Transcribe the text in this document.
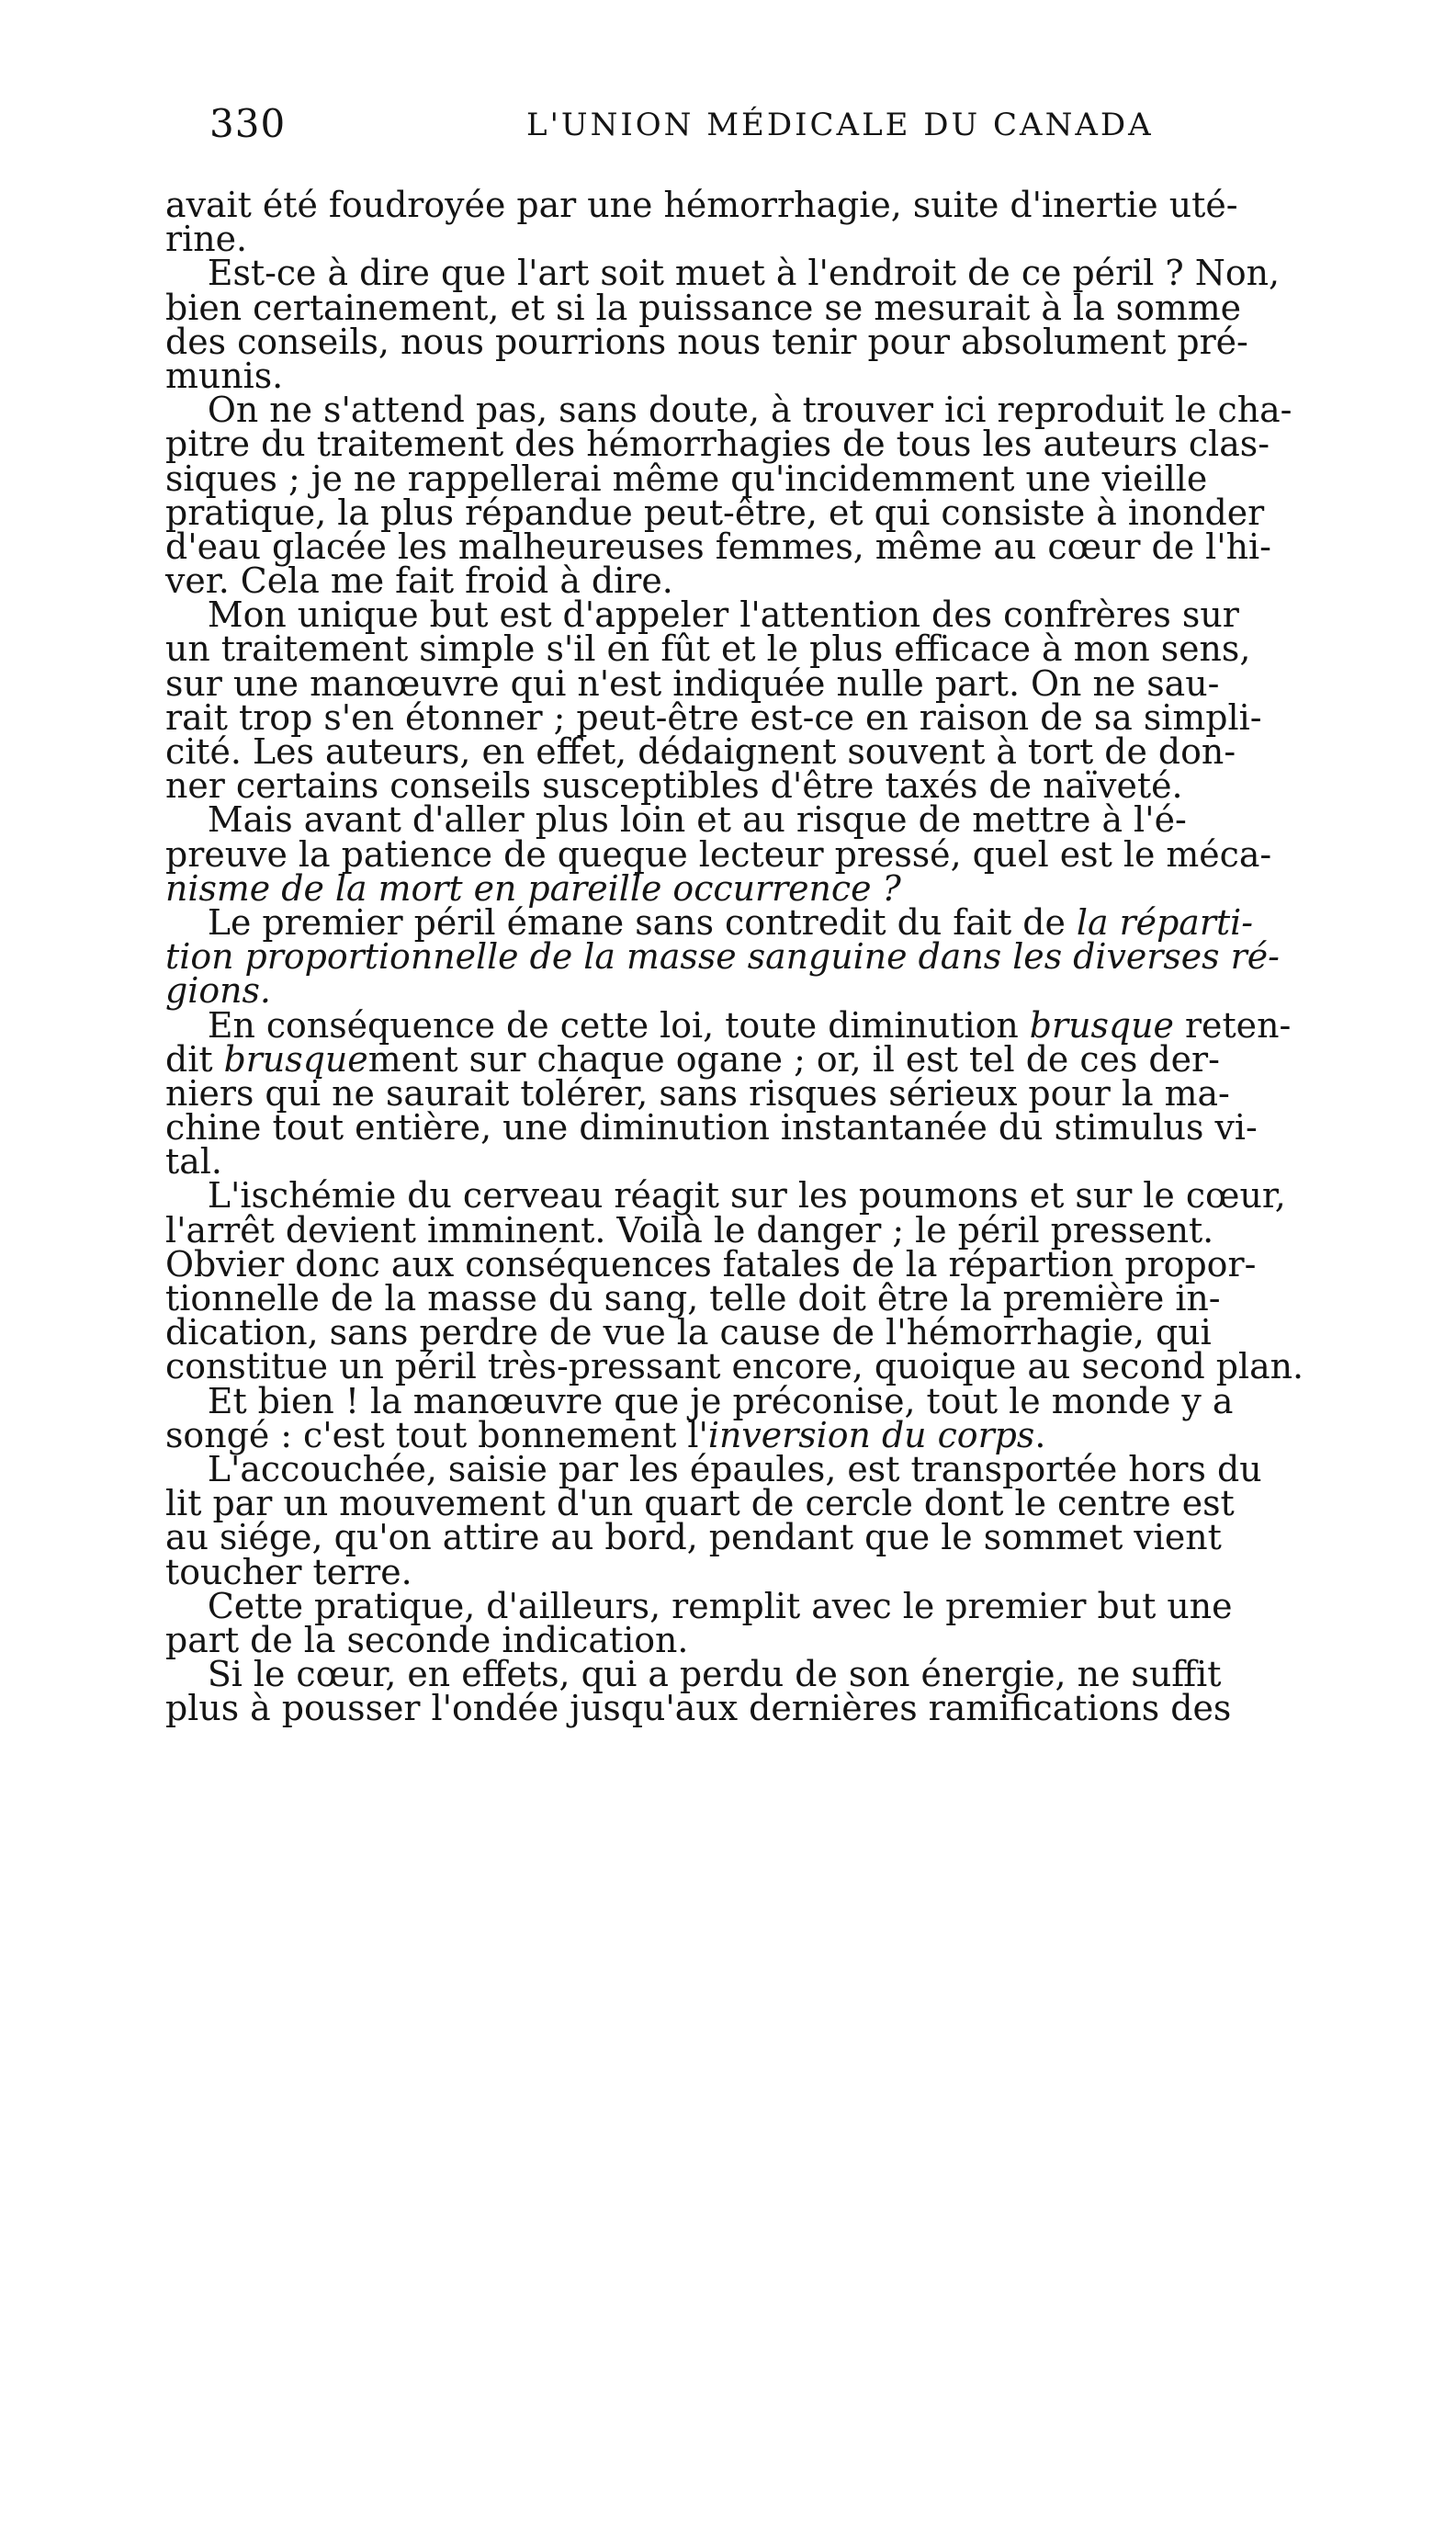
330	L'UNION MÉDICALE DU CANADA
avait été foudroyée par une hémorrhagie, suite d'inertie uté-
rine.
Est-ce à dire que l'art soit muet à l'endroit de ce péril ? Non,
bien certainement, et si la puissance se mesurait à la somme
des conseils, nous pourrions nous tenir pour absolument pré-
munis.
On ne s'attend pas, sans doute, à trouver ici reproduit le cha-
pitre du traitement des hémorrhagies de tous les auteurs clas-
siques ; je ne rappellerai même qu'incidemment une vieille
pratique, la plus répandue peut-être, et qui consiste à inonder
d'eau glacée les malheureuses femmes, même au cœur de l'hi-
ver. Cela me fait froid à dire.
Mon unique but est d'appeler l'attention des confrères sur
un traitement simple s'il en fût et le plus efficace à mon sens,
sur une manœuvre qui n'est indiquée nulle part. On ne sau-
rait trop s'en étonner ; peut-être est-ce en raison de sa simpli-
cité. Les auteurs, en effet, dédaignent souvent à tort de don-
ner certains conseils susceptibles d'être taxés de naïveté.
Mais avant d'aller plus loin et au risque de mettre à l'é-
preuve la patience de queque lecteur pressé, quel est le méca-
nisme de la mort en pareille occurrence ?
Le premier péril émane sans contredit du fait de la réparti-
tion proportionnelle de la masse sanguine dans les diverses ré-
gions.
En conséquence de cette loi, toute diminution brusque reten-
dit brusquement sur chaque ogane ; or, il est tel de ces der-
niers qui ne saurait tolérer, sans risques sérieux pour la ma-
chine tout entière, une diminution instantanée du stimulus vi-
tal.
L'ischémie du cerveau réagit sur les poumons et sur le cœur,
l'arrêt devient imminent. Voilà le danger ; le péril pressent.
Obvier donc aux conséquences fatales de la répartion propor-
tionnelle de la masse du sang, telle doit être la première in-
dication, sans perdre de vue la cause de l'hémorrhagie, qui
constitue un péril très-pressant encore, quoique au second plan.
Et bien ! la manœuvre que je préconise, tout le monde y a
songé : c'est tout bonnement l'inversion du corps.
L'accouchée, saisie par les épaules, est transportée hors du
lit par un mouvement d'un quart de cercle dont le centre est
au siége, qu'on attire au bord, pendant que le sommet vient
toucher terre.
Cette pratique, d'ailleurs, remplit avec le premier but une
part de la seconde indication.
Si le cœur, en effets, qui a perdu de son énergie, ne suffit
plus à pousser l'ondée jusqu'aux dernières ramifications des
